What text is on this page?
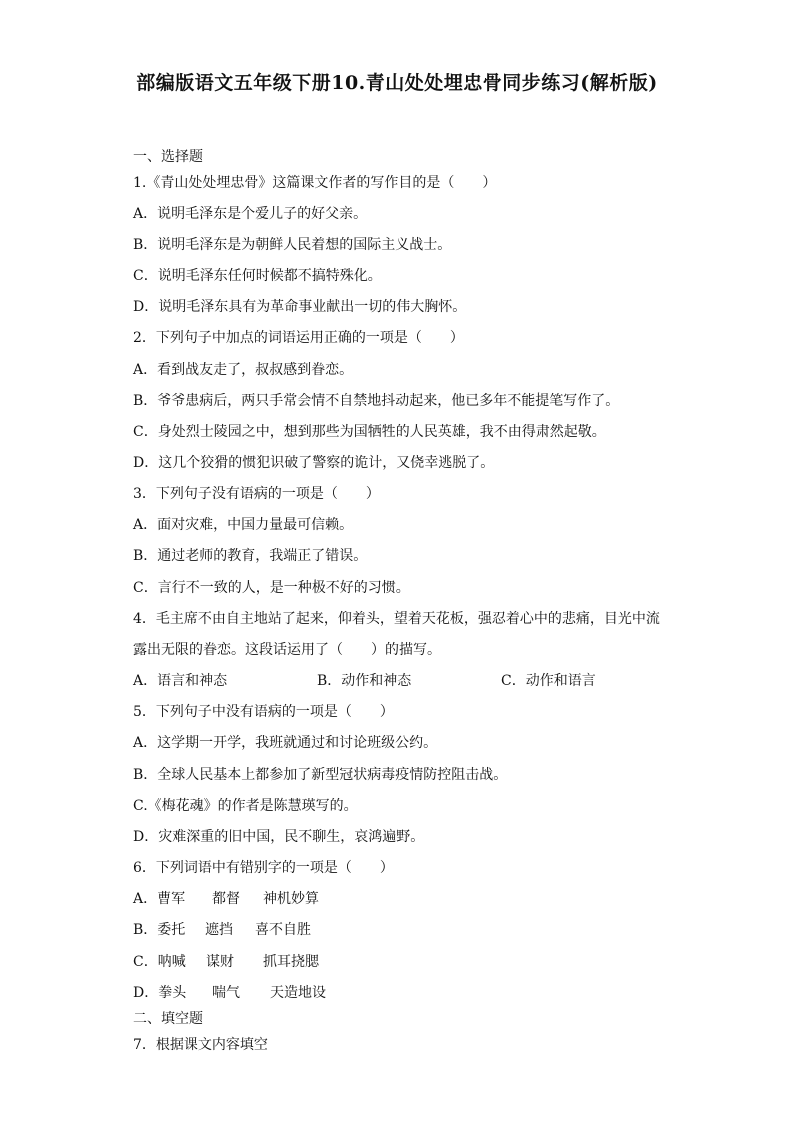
部编版语文五年级下册10.青山处处埋忠骨同步练习(解析版)
一、选择题
1.《青山处处埋忠骨》这篇课文作者的写作目的是（　　）
A．说明毛泽东是个爱儿子的好父亲。
B．说明毛泽东是为朝鲜人民着想的国际主义战士。
C．说明毛泽东任何时候都不搞特殊化。
D．说明毛泽东具有为革命事业献出一切的伟大胸怀。
2．下列句子中加点的词语运用正确的一项是（　　）
A．看到战友走了，叔叔感到眷恋。
B．爷爷患病后，两只手常会情不自禁地抖动起来，他已多年不能提笔写作了。
C．身处烈士陵园之中，想到那些为国牺牲的人民英雄，我不由得肃然起敬。
D．这几个狡猾的惯犯识破了警察的诡计，又侥幸逃脱了。
3．下列句子没有语病的一项是（　　）
A．面对灾难，中国力量最可信赖。
B．通过老师的教育，我端正了错误。
C．言行不一致的人，是一种极不好的习惯。
4．毛主席不由自主地站了起来，仰着头，望着天花板，强忍着心中的悲痛，目光中流
露出无限的眷恋。这段话运用了（　　）的描写。
A．语言和神态	B．动作和神态	C．动作和语言
5．下列句子中没有语病的一项是（　　）
A．这学期一开学，我班就通过和讨论班级公约。
B．全球人民基本上都参加了新型冠状病毒疫情防控阻击战。
C.《梅花魂》的作者是陈慧瑛写的。
D．灾难深重的旧中国，民不聊生，哀鸿遍野。
6．下列词语中有错别字的一项是（　　）
A．曹军 都督 神机妙算
B．委托 遮挡 喜不自胜
C．呐喊 谋财 抓耳挠腮
D．拳头 喘气 天造地设
二、填空题
7．根据课文内容填空
